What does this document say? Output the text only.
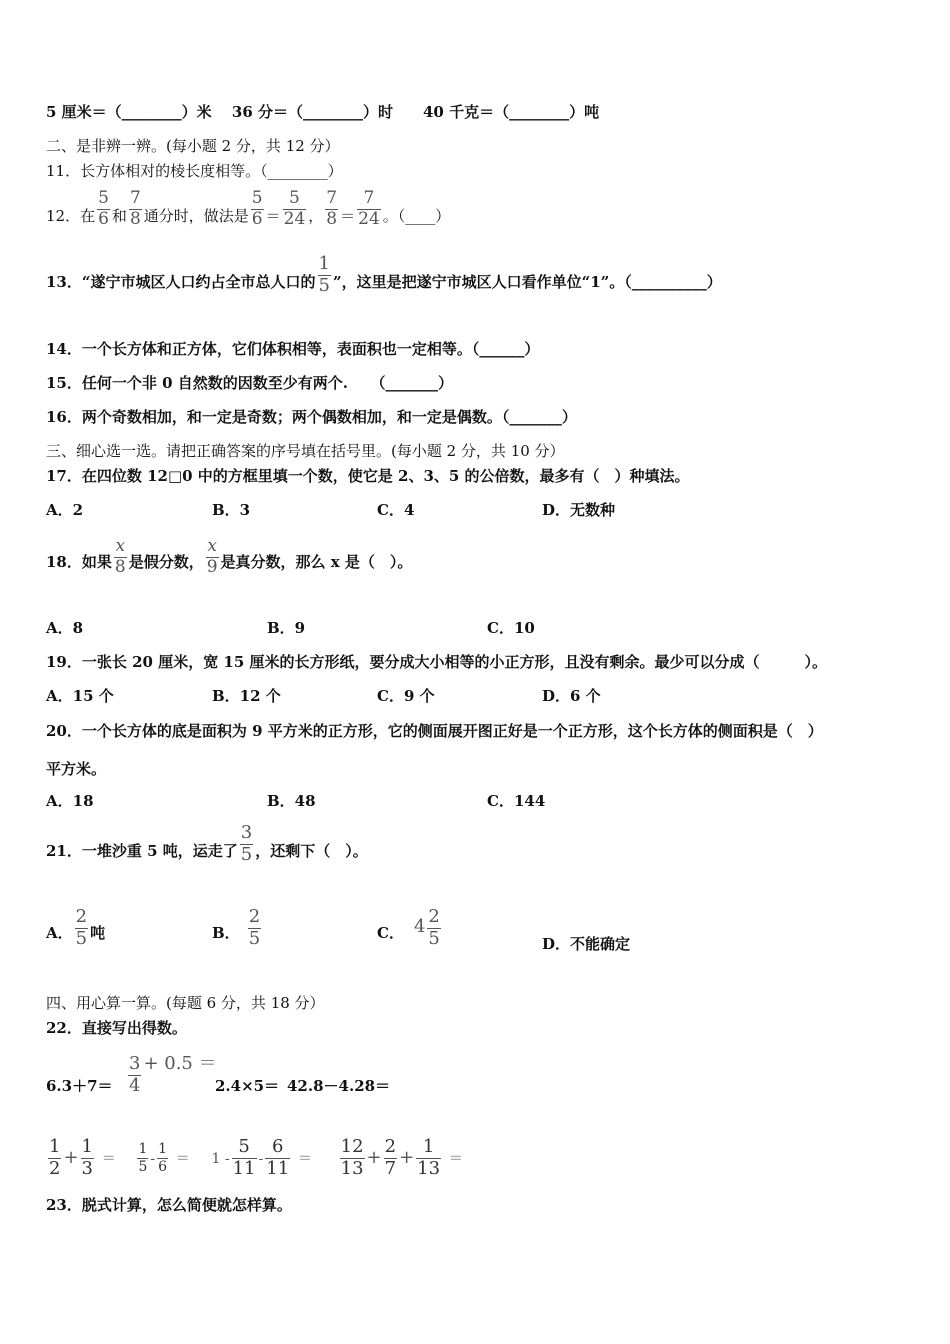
5 厘米＝（________）米　 36 分＝（________）时　　40 千克＝（________）吨
二、是非辨一辨。(每小题 2 分，共 12 分）
11．长方体相对的棱长度相等。（________）
12．在 $\frac{5}{6}$ 和 $\frac{7}{8}$ 通分时，做法是 $\frac{5}{6} = \frac{5}{24}$ ， $\frac{7}{8} = \frac{7}{24}$ 。（____）
13．“遂宁市城区人口约占全市总人口的 $\frac{1}{5}$ ”，这里是把遂宁市城区人口看作单位“1”。（__________）
14．一个长方体和正方体，它们体积相等，表面积也一定相等。（______）
15．任何一个非 0 自然数的因数至少有两个.　　（_______）
16．两个奇数相加，和一定是奇数；两个偶数相加，和一定是偶数。（_______）
三、细心选一选。请把正确答案的序号填在括号里。(每小题 2 分，共 10 分）
17．在四位数 12□0 中的方框里填一个数，使它是 2、3、5 的公倍数，最多有（　）种填法。
A．2	B．3	C．4	D．无数种
18．如果 $\frac{x}{8}$ 是假分数， $\frac{x}{9}$ 是真分数，那么 x 是（　）。
A．8	B．9	C．10
19．一张长 20 厘米，宽 15 厘米的长方形纸，要分成大小相等的小正方形，且没有剩余。最少可以分成（　　　）。
A．15 个	B．12 个	C．9 个	D．6 个
20．一个长方体的底是面积为 9 平方米的正方形，它的侧面展开图正好是一个正方形，这个长方体的侧面积是（　）
平方米。
A．18	B．48	C．144
21．一堆沙重 5 吨，运走了 $\frac{3}{5}$ ，还剩下（　）。
A． $\frac{2}{5}$ 吨	B． $\frac{2}{5}$	C． $4 \frac{2}{5}$	D．不能确定
四、用心算一算。(每题 6 分，共 18 分）
22．直接写出得数。
$6.3+7= \frac{3}{4} + 0.5$ ＝
2.4×5＝ 42.8－4.28＝
$\frac{1}{2} + \frac{1}{3} = \frac{1}{5} - \frac{1}{6} = 1 - \frac{5}{11} - \frac{6}{11} = \frac{12}{13} + \frac{2}{7} + \frac{1}{13}$ ＝
23．脱式计算，怎么简便就怎样算。
